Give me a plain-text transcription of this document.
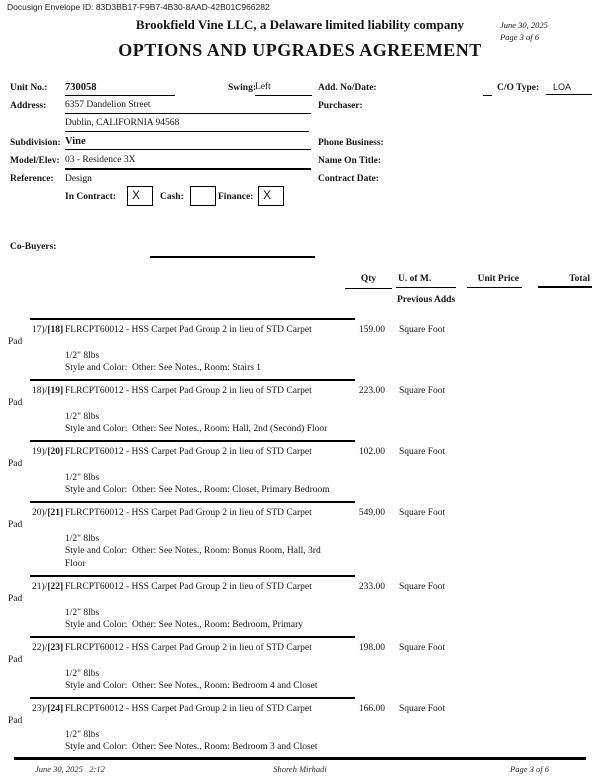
Docusign Envelope ID: 83D3BB17-F9B7-4B30-8AAD-42B01C966282
Brookfield Vine LLC, a Delaware limited liability company	June 30, 2025
Page 3 of 6
OPTIONS AND UPGRADES AGREEMENT
Unit No.: 730058	Swing: Left	Add. No/Date:	C/O Type:	LOA
Address: 6357 Dandelion Street	Purchaser:
Dublin, CALIFORNIA 94568
Subdivision: Vine	Phone Business:
Model/Elev: 03 - Residence 3X	Name On Title:
Reference: Design	Contract Date:
In Contract:	X	Cash:	Finance: X
Co-Buyers:
Qty	U. of M.	Unit Price	Total
Previous Adds
17)/[18] FLRCPT60012 - HSS Carpet Pad Group 2 in lieu of STD Carpet	159.00 Square Foot
Pad
1/2" 8lbs
Style and Color:  Other: See Notes., Room: Stairs 1
18)/[19] FLRCPT60012 - HSS Carpet Pad Group 2 in lieu of STD Carpet	223.00 Square Foot
Pad
1/2" 8lbs
Style and Color:  Other: See Notes., Room: Hall, 2nd (Second) Floor
19)/[20] FLRCPT60012 - HSS Carpet Pad Group 2 in lieu of STD Carpet	102.00 Square Foot
Pad
1/2" 8lbs
Style and Color:  Other: See Notes., Room: Closet, Primary Bedroom
20)/[21] FLRCPT60012 - HSS Carpet Pad Group 2 in lieu of STD Carpet	549.00 Square Foot
Pad
1/2" 8lbs
Style and Color:  Other: See Notes., Room: Bonus Room, Hall, 3rd
Floor
21)/[22] FLRCPT60012 - HSS Carpet Pad Group 2 in lieu of STD Carpet	233.00 Square Foot
Pad
1/2" 8lbs
Style and Color:  Other: See Notes., Room: Bedroom, Primary
22)/[23] FLRCPT60012 - HSS Carpet Pad Group 2 in lieu of STD Carpet	198.00 Square Foot
Pad
1/2" 8lbs
Style and Color:  Other: See Notes., Room: Bedroom 4 and Closet
23)/[24] FLRCPT60012 - HSS Carpet Pad Group 2 in lieu of STD Carpet	166.00 Square Foot
Pad
1/2" 8lbs
Style and Color:  Other: See Notes., Room: Bedroom 3 and Closet
June 30, 2025   2:12	Shoreh Mirhadi	Page 3 of 6
